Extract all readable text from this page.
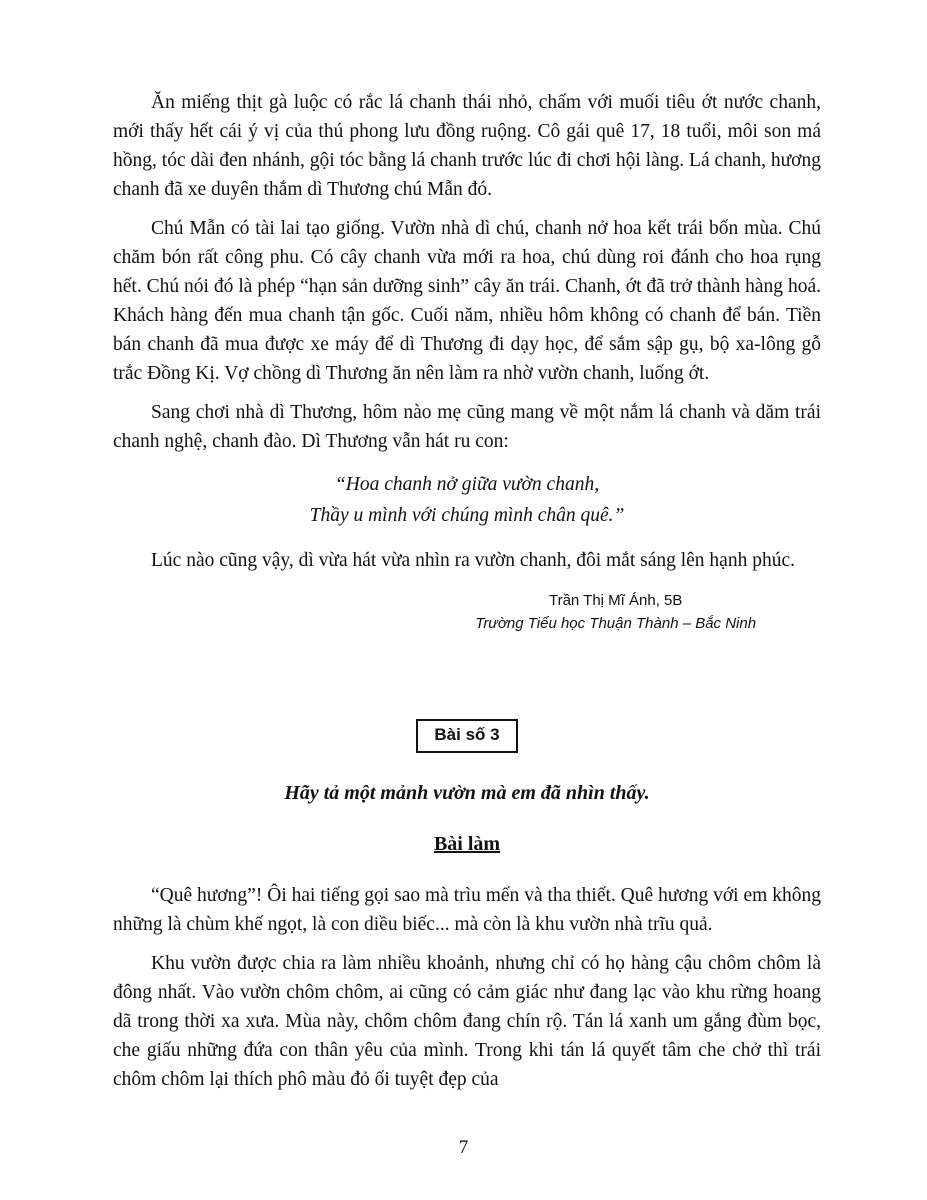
Ăn miếng thịt gà luộc có rắc lá chanh thái nhỏ, chấm với muối tiêu ớt nước chanh, mới thấy hết cái ý vị của thú phong lưu đồng ruộng. Cô gái quê 17, 18 tuổi, môi son má hồng, tóc dài đen nhánh, gội tóc bằng lá chanh trước lúc đi chơi hội làng. Lá chanh, hương chanh đã xe duyên thắm dì Thương chú Mẫn đó.

Chú Mẫn có tài lai tạo giống. Vườn nhà dì chú, chanh nở hoa kết trái bốn mùa. Chú chăm bón rất công phu. Có cây chanh vừa mới ra hoa, chú dùng roi đánh cho hoa rụng hết. Chú nói đó là phép “hạn sản dưỡng sinh” cây ăn trái. Chanh, ớt đã trở thành hàng hoá. Khách hàng đến mua chanh tận gốc. Cuối năm, nhiều hôm không có chanh để bán. Tiền bán chanh đã mua được xe máy để dì Thương đi dạy học, để sắm sập gụ, bộ xa-lông gỗ trắc Đồng Kị. Vợ chồng dì Thương ăn nên làm ra nhờ vườn chanh, luống ớt.

Sang chơi nhà dì Thương, hôm nào mẹ cũng mang về một nắm lá chanh và dăm trái chanh nghệ, chanh đào. Dì Thương vẫn hát ru con:

“Hoa chanh nở giữa vườn chanh,
Thầy u mình với chúng mình chân quê.”

Lúc nào cũng vậy, dì vừa hát vừa nhìn ra vườn chanh, đôi mắt sáng lên hạnh phúc.

Trần Thị Mĩ Ánh, 5B
Trường Tiểu học Thuận Thành – Bắc Ninh
Bài số 3
Hãy tả một mảnh vườn mà em đã nhìn thấy.
Bài làm

“Quê hương”! Ôi hai tiếng gọi sao mà trìu mến và tha thiết. Quê hương với em không những là chùm khế ngọt, là con diều biếc... mà còn là khu vườn nhà trĩu quả.

Khu vườn được chia ra làm nhiều khoảnh, nhưng chỉ có họ hàng cậu chôm chôm là đông nhất. Vào vườn chôm chôm, ai cũng có cảm giác như đang lạc vào khu rừng hoang dã trong thời xa xưa. Mùa này, chôm chôm đang chín rộ. Tán lá xanh um gắng đùm bọc, che giấu những đứa con thân yêu của mình. Trong khi tán lá quyết tâm che chở thì trái chôm chôm lại thích phô màu đỏ ối tuyệt đẹp của

7
